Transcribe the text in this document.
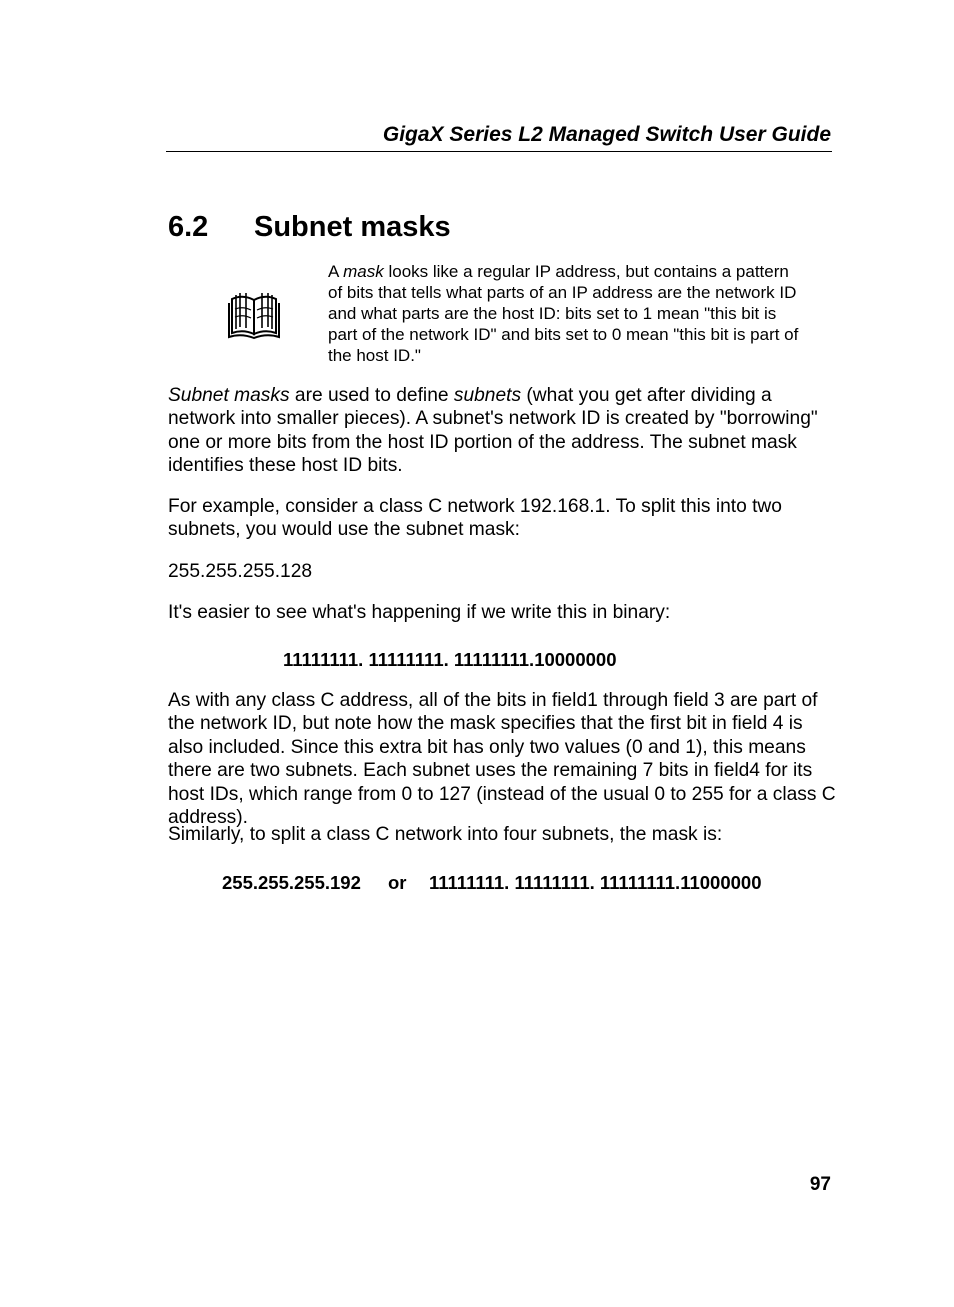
GigaX Series L2 Managed Switch User Guide
6.2 Subnet masks
A mask looks like a regular IP address, but contains a pattern of bits that tells what parts of an IP address are the network ID and what parts are the host ID: bits set to 1 mean "this bit is part of the network ID" and bits set to 0 mean "this bit is part of the host ID."
Subnet masks are used to define subnets (what you get after dividing a network into smaller pieces). A subnet's network ID is created by "borrowing" one or more bits from the host ID portion of the address. The subnet mask identifies these host ID bits.
For example, consider a class C network 192.168.1. To split this into two subnets, you would use the subnet mask:
255.255.255.128
It's easier to see what's happening if we write this in binary:
11111111. 11111111. 11111111.10000000
As with any class C address, all of the bits in field1 through field 3 are part of the network ID, but note how the mask specifies that the first bit in field 4 is also included. Since this extra bit has only two values (0 and 1), this means there are two subnets. Each subnet uses the remaining 7 bits in field4 for its host IDs, which range from 0 to 127 (instead of the usual 0 to 255 for a class C address).
Similarly, to split a class C network into four subnets, the mask is:
255.255.255.192 or 11111111. 11111111. 11111111.11000000
97
